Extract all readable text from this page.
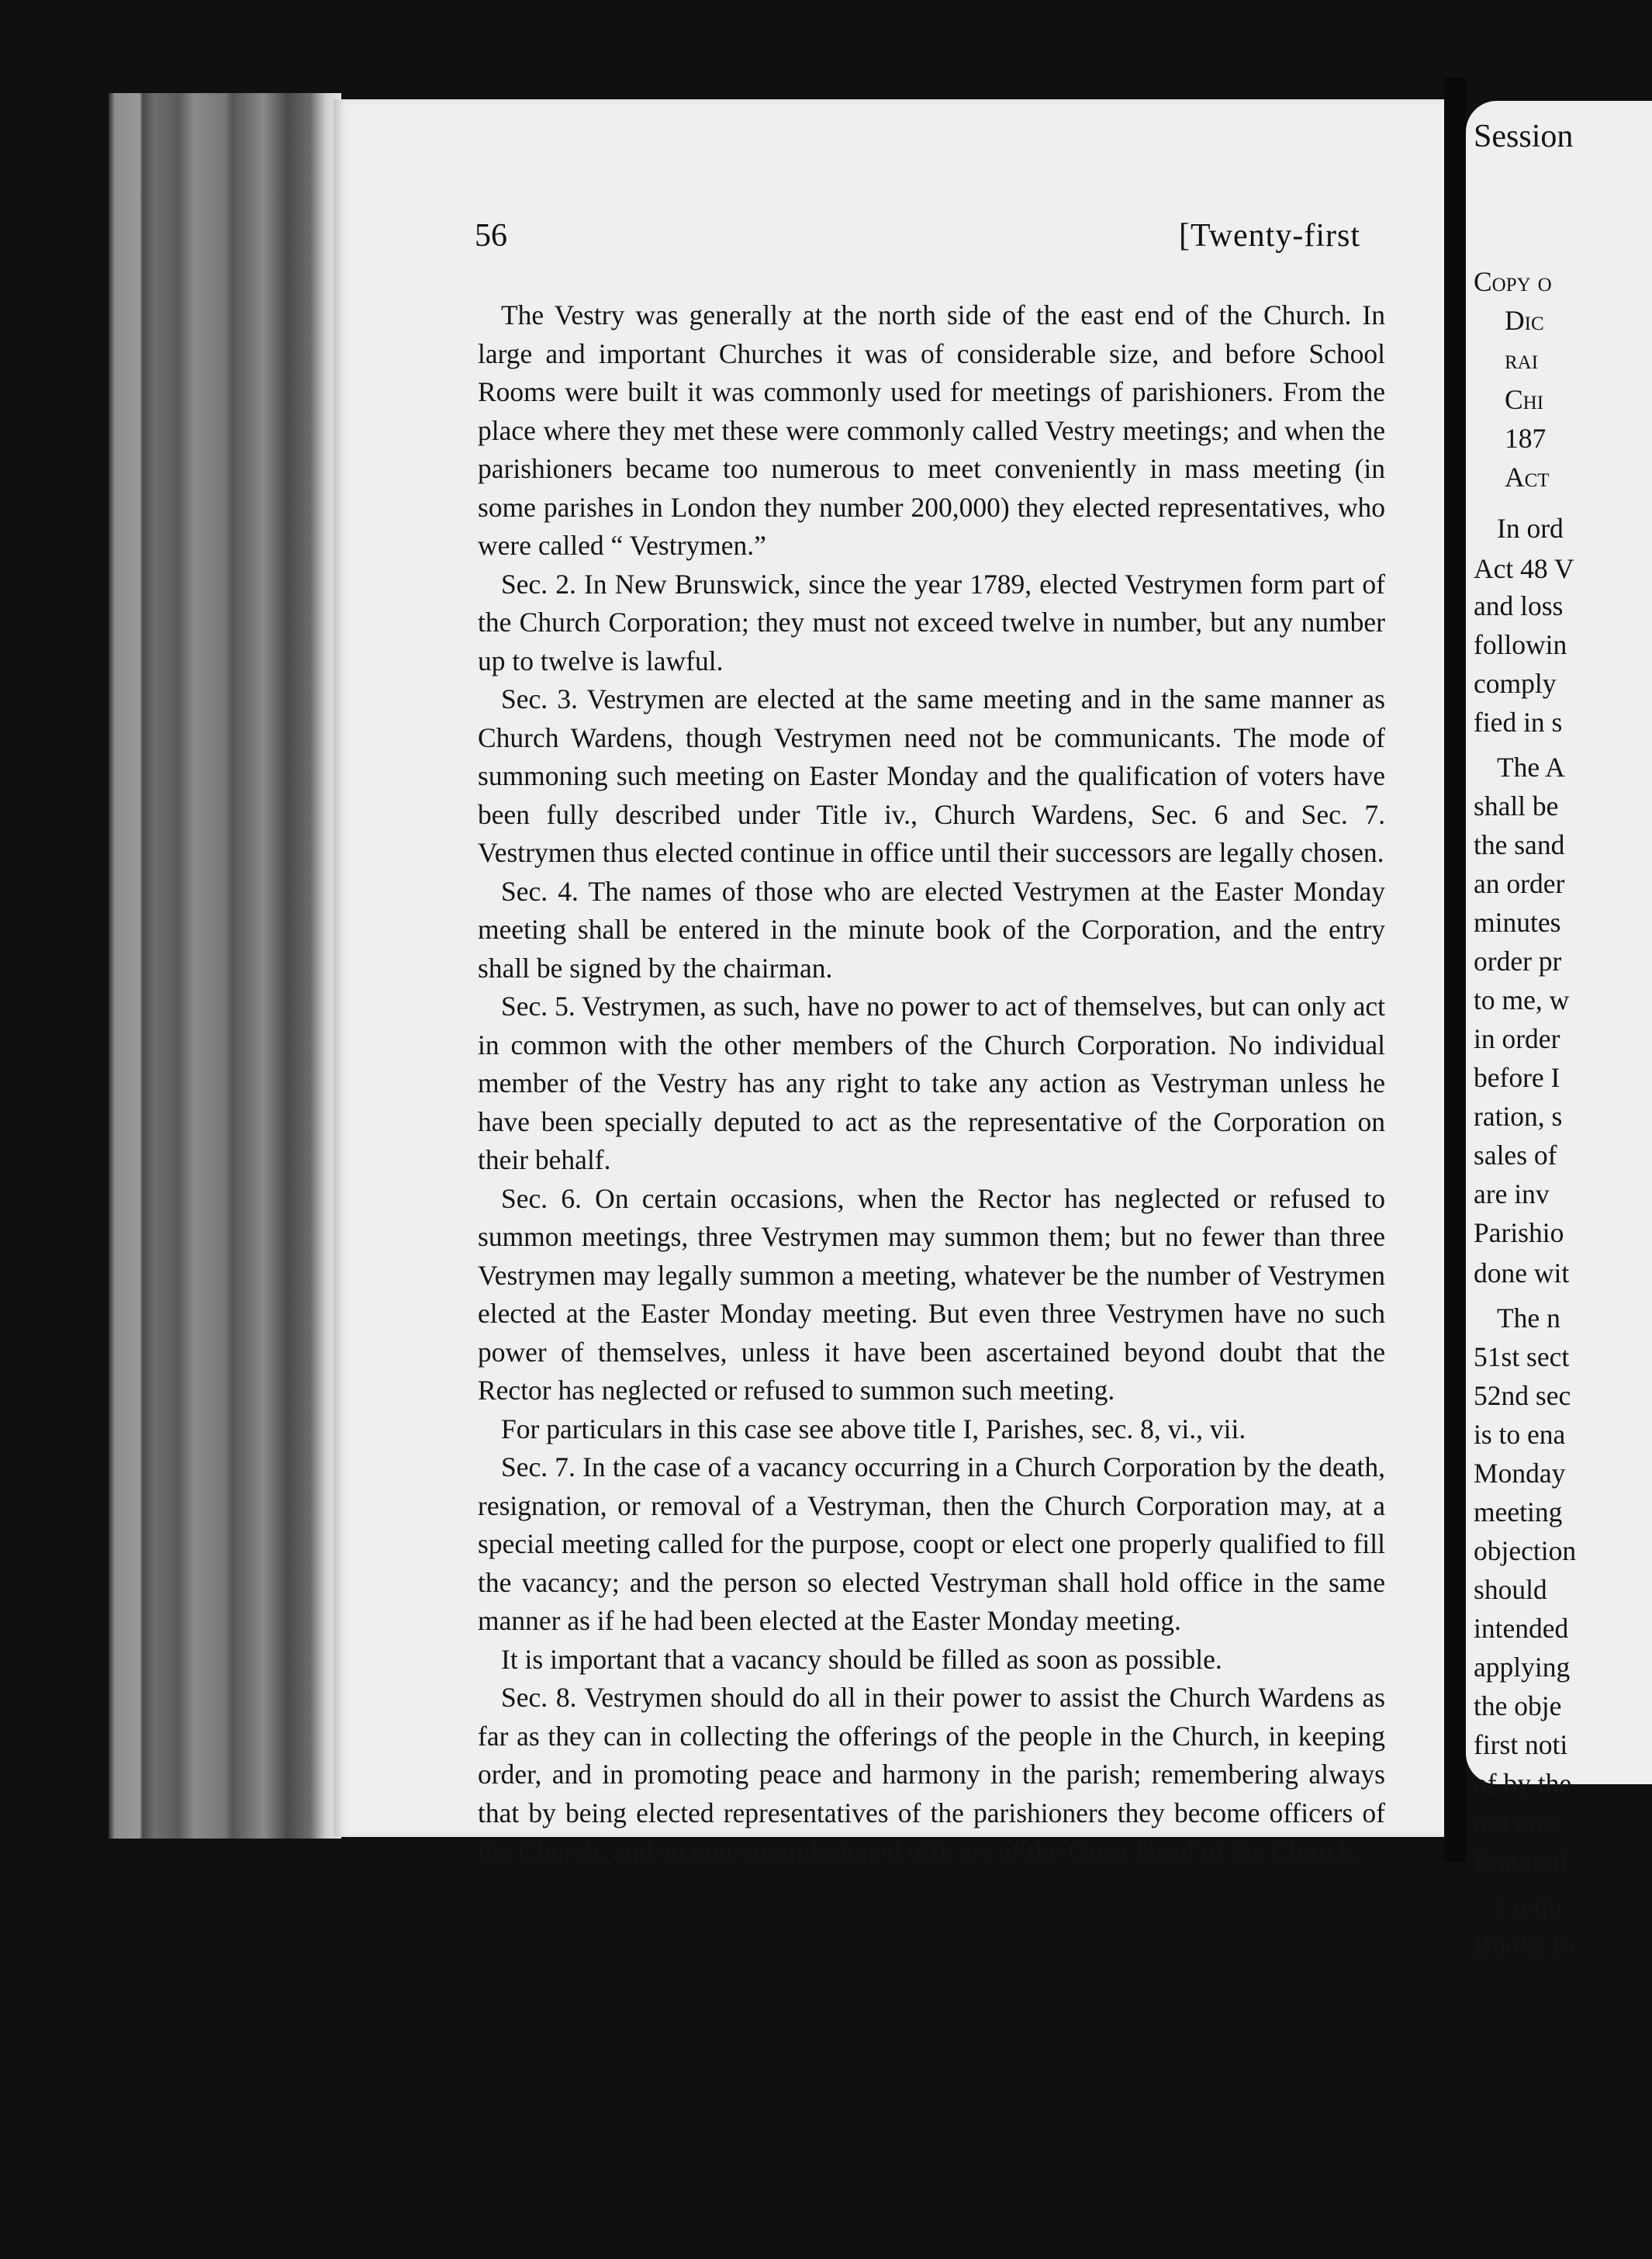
56	[Twenty-first

The Vestry was generally at the north side of the east end of the Church. In large and important Churches it was of considerable size, and before School Rooms were built it was commonly used for meetings of parishioners. From the place where they met these were commonly called Vestry meetings; and when the parishioners became too numerous to meet conveniently in mass meeting (in some parishes in London they number 200,000) they elected representatives, who were called “ Vestrymen.”

Sec. 2. In New Brunswick, since the year 1789, elected Vestrymen form part of the Church Corporation; they must not exceed twelve in number, but any number up to twelve is lawful.

Sec. 3. Vestrymen are elected at the same meeting and in the same manner as Church Wardens, though Vestrymen need not be communicants. The mode of summoning such meeting on Easter Monday and the qualification of voters have been fully described under Title iv., Church Wardens, Sec. 6 and Sec. 7. Vestrymen thus elected continue in office until their successors are legally chosen.

Sec. 4. The names of those who are elected Vestrymen at the Easter Monday meeting shall be entered in the minute book of the Corporation, and the entry shall be signed by the chairman.

Sec. 5. Vestrymen, as such, have no power to act of themselves, but can only act in common with the other members of the Church Corporation. No individual member of the Vestry has any right to take any action as Vestryman unless he have been specially deputed to act as the representative of the Corporation on their behalf.

Sec. 6. On certain occasions, when the Rector has neglected or refused to summon meetings, three Vestrymen may summon them; but no fewer than three Vestrymen may legally summon a meeting, whatever be the number of Vestrymen elected at the Easter Monday meeting. But even three Vestrymen have no such power of themselves, unless it have been ascertained beyond doubt that the Rector has neglected or refused to summon such meeting.

For particulars in this case see above title I, Parishes, sec. 8, vi., vii.

Sec. 7. In the case of a vacancy occurring in a Church Corporation by the death, resignation, or removal of a Vestryman, then the Church Corporation may, at a special meeting called for the purpose, coopt or elect one properly qualified to fill the vacancy; and the person so elected Vestryman shall hold office in the same manner as if he had been elected at the Easter Monday meeting.

It is important that a vacancy should be filled as soon as possible.

Sec. 8. Vestrymen should do all in their power to assist the Church Wardens as far as they can in collecting the offerings of the people in the Church, in keeping order, and in promoting peace and harmony in the parish; remembering always that by being elected representatives of the parishioners they become officers of the Church, and so non-commissioned officers of the Great Head of the Church.

Session
Copy o
Dic
rai
Chi
187
Act
In ord
Act 48 V
and loss
followin
comply
fied in s
The A
shall be
the sand
an order
minutes
order pr
to me, w
in order
before I
ration, s
sales of
are inv
Parishio
done wit
The n
51st sect
52nd sec
is to ena
Monday
meeting
objection
should
intended
applying
the obje
first noti
of by the
not unti
first noti
I requ
Books fo
